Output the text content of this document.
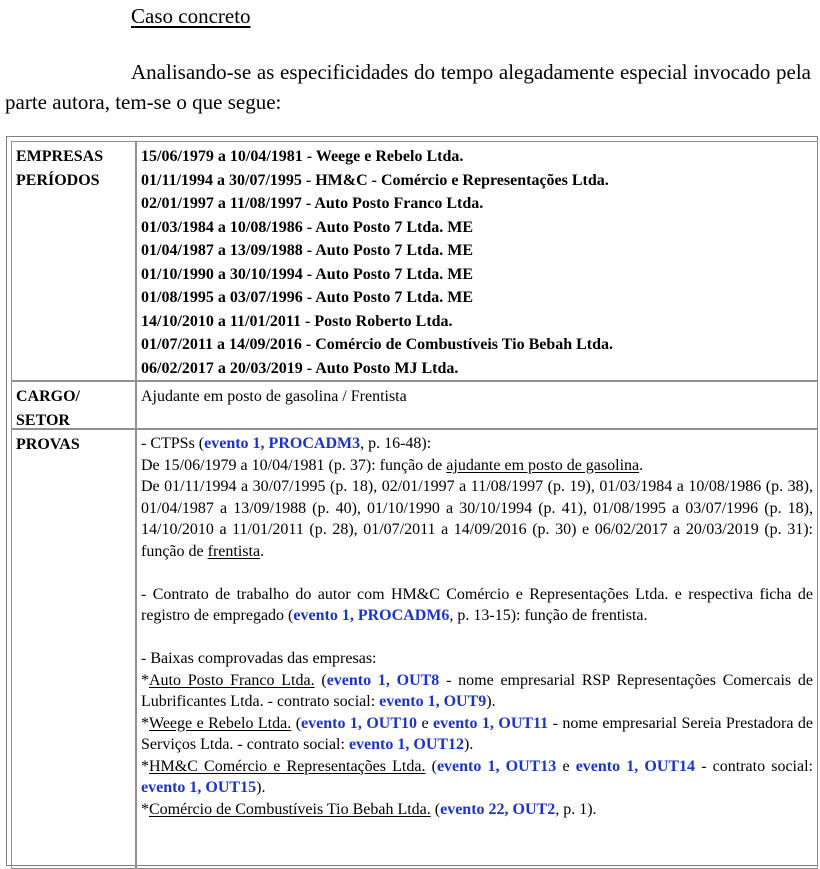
Caso concreto
Analisando-se as especificidades do tempo alegadamente especial invocado pela parte autora, tem-se o que segue:
EMPRESAS
PERÍODOS
15/06/1979 a 10/04/1981 - Weege e Rebelo Ltda.
01/11/1994 a 30/07/1995 - HM&C - Comércio e Representações Ltda.
02/01/1997 a 11/08/1997 - Auto Posto Franco Ltda.
01/03/1984 a 10/08/1986 - Auto Posto 7 Ltda. ME
01/04/1987 a 13/09/1988 - Auto Posto 7 Ltda. ME
01/10/1990 a 30/10/1994 - Auto Posto 7 Ltda. ME
01/08/1995 a 03/07/1996 - Auto Posto 7 Ltda. ME
14/10/2010 a 11/01/2011 - Posto Roberto Ltda.
01/07/2011 a 14/09/2016 - Comércio de Combustíveis Tio Bebah Ltda.
06/02/2017 a 20/03/2019 - Auto Posto MJ Ltda.
CARGO/
SETOR
Ajudante em posto de gasolina / Frentista
PROVAS	- CTPSs (evento 1, PROCADM3, p. 16-48):
De 15/06/1979 a 10/04/1981 (p. 37): função de ajudante em posto de gasolina.
De 01/11/1994 a 30/07/1995 (p. 18), 02/01/1997 a 11/08/1997 (p. 19), 01/03/1984 a 10/08/1986 (p. 38), 01/04/1987 a 13/09/1988 (p. 40), 01/10/1990 a 30/10/1994 (p. 41), 01/08/1995 a 03/07/1996 (p. 18), 14/10/2010 a 11/01/2011 (p. 28), 01/07/2011 a 14/09/2016 (p. 30) e 06/02/2017 a 20/03/2019 (p. 31): função de frentista.
- Contrato de trabalho do autor com HM&C Comércio e Representações Ltda. e respectiva ficha de registro de empregado (evento 1, PROCADM6, p. 13-15): função de frentista.
- Baixas comprovadas das empresas:
*Auto Posto Franco Ltda. (evento 1, OUT8 - nome empresarial RSP Representações Comercais de Lubrificantes Ltda. - contrato social: evento 1, OUT9).
*Weege e Rebelo Ltda. (evento 1, OUT10 e evento 1, OUT11 - nome empresarial Sereia Prestadora de Serviços Ltda. - contrato social: evento 1, OUT12).
*HM&C Comércio e Representações Ltda. (evento 1, OUT13 e evento 1, OUT14 - contrato social: evento 1, OUT15).
*Comércio de Combustíveis Tio Bebah Ltda. (evento 22, OUT2, p. 1).
